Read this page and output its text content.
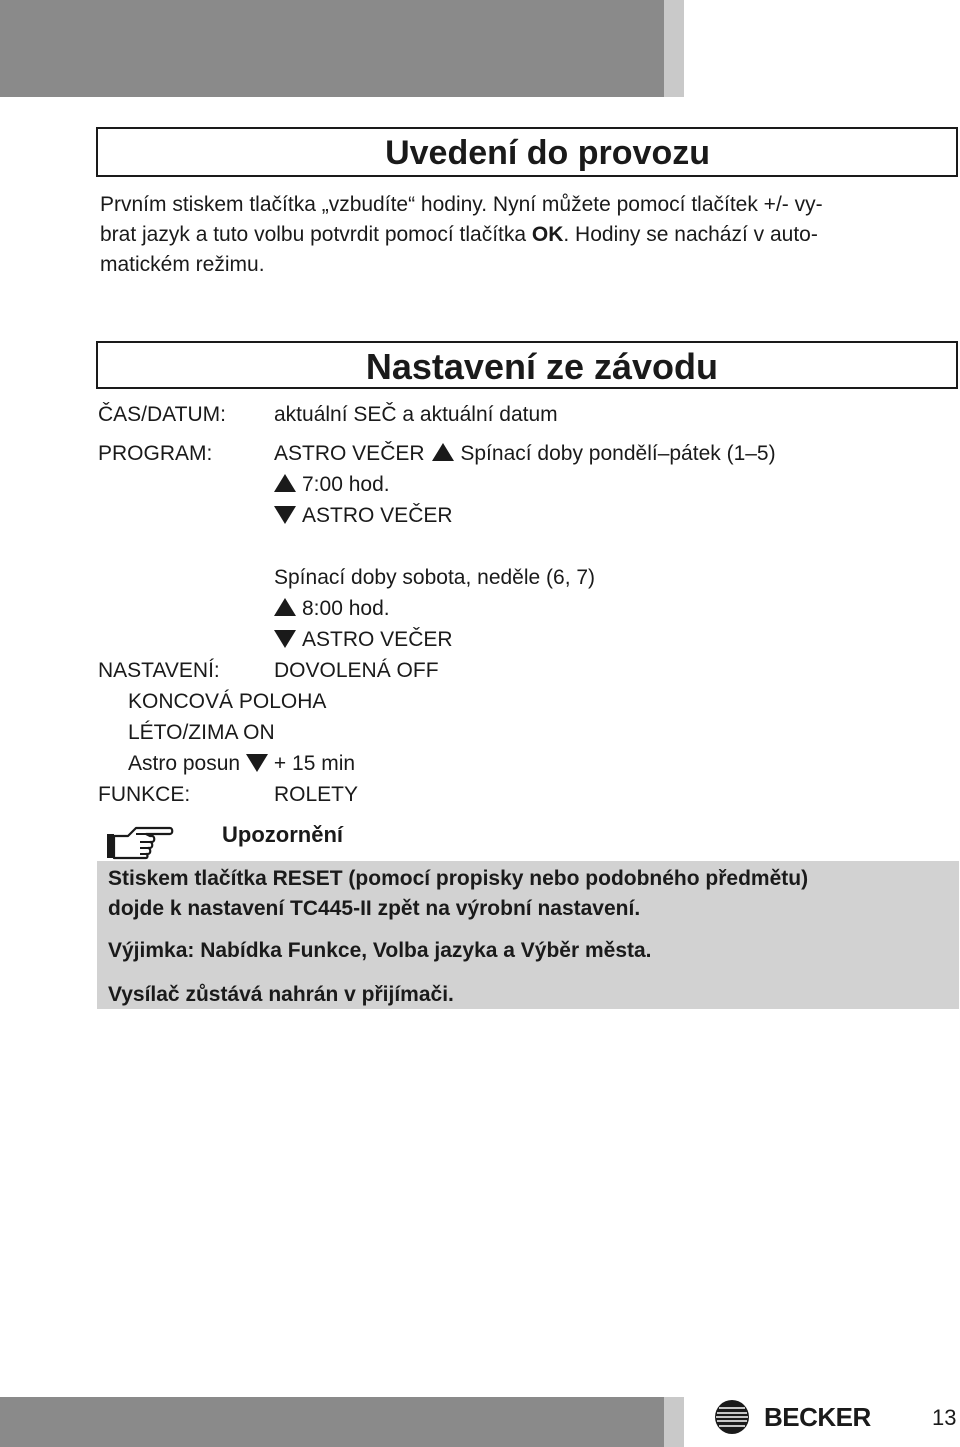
Uvedení do provozu
Prvním stiskem tlačítka „vzbudíte“ hodiny. Nyní můžete pomocí tlačítek +/- vy-
brat jazyk a tuto volbu potvrdit pomocí tlačítka OK. Hodiny se nachází v auto-
matickém režimu.
Nastavení ze závodu
ČAS/DATUM: aktuální SEČ a aktuální datum
PROGRAM:	ASTRO VEČER Spínací doby pondělí–pátek (1–5)
7:00 hod.
ASTRO VEČER
Spínací doby sobota, neděle (6, 7)
8:00 hod.
ASTRO VEČER
NASTAVENÍ:	DOVOLENÁ OFF
KONCOVÁ POLOHA
LÉTO/ZIMA ON
Astro posun + 15 min
FUNKCE:	ROLETY
Upozornění
Stiskem tlačítka RESET (pomocí propisky nebo podobného předmětu)
dojde k nastavení TC445-II zpět na výrobní nastavení.
Výjimka: Nabídka Funkce, Volba jazyka a Výběr města.
Vysílač zůstává nahrán v přijímači.
BECKER	13
